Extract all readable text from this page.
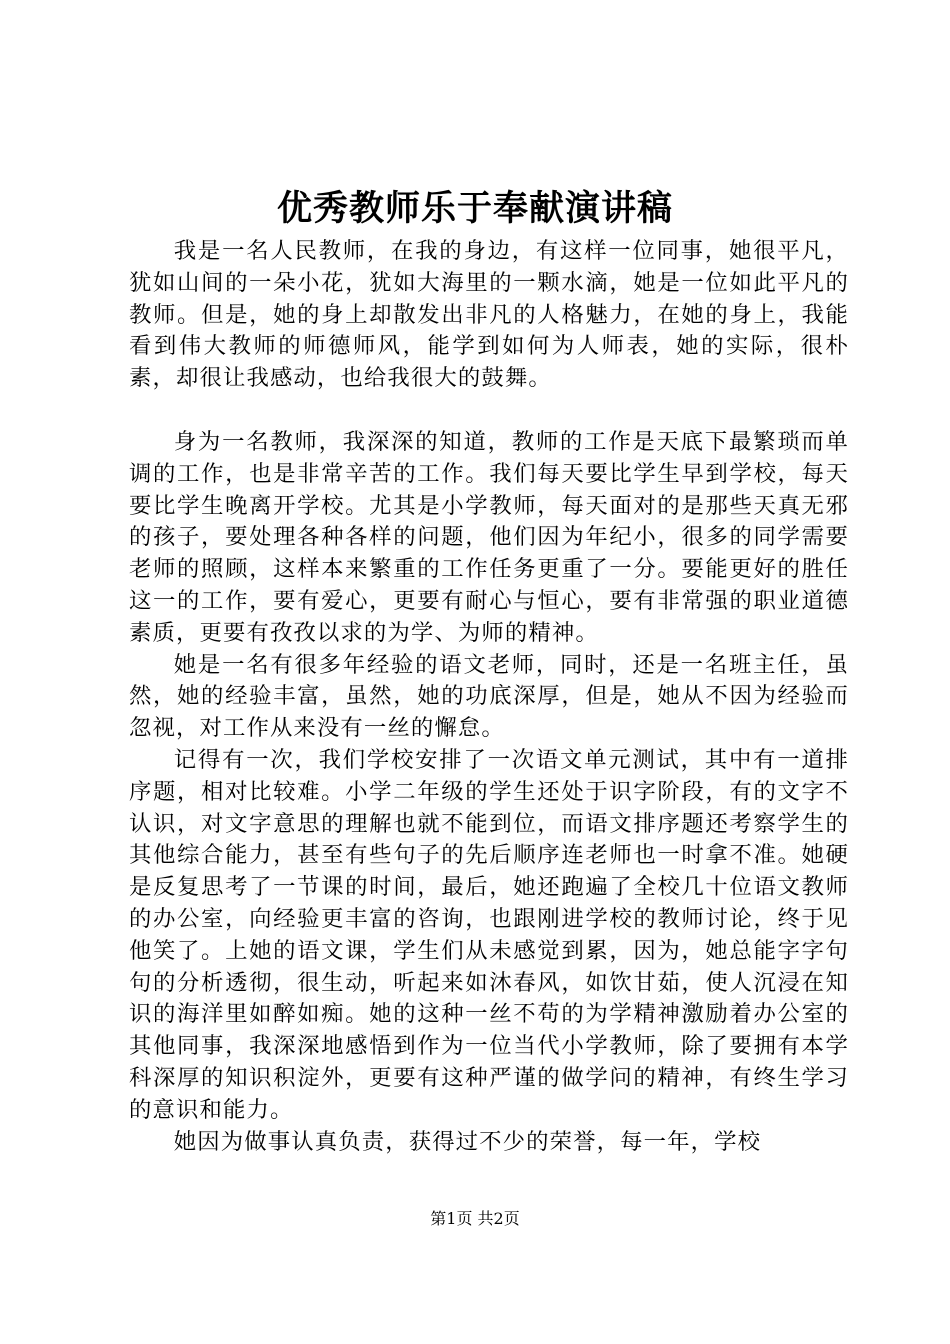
优秀教师乐于奉献演讲稿

我是一名人民教师，在我的身边，有这样一位同事，她很平凡，犹如山间的一朵小花，犹如大海里的一颗水滴，她是一位如此平凡的教师。但是，她的身上却散发出非凡的人格魅力，在她的身上，我能看到伟大教师的师德师风，能学到如何为人师表，她的实际，很朴素，却很让我感动，也给我很大的鼓舞。

身为一名教师，我深深的知道，教师的工作是天底下最繁琐而单调的工作，也是非常辛苦的工作。我们每天要比学生早到学校，每天要比学生晚离开学校。尤其是小学教师，每天面对的是那些天真无邪的孩子，要处理各种各样的问题，他们因为年纪小，很多的同学需要老师的照顾，这样本来繁重的工作任务更重了一分。要能更好的胜任这一的工作，要有爱心，更要有耐心与恒心，要有非常强的职业道德素质，更要有孜孜以求的为学、为师的精神。

她是一名有很多年经验的语文老师，同时，还是一名班主任，虽然，她的经验丰富，虽然，她的功底深厚，但是，她从不因为经验而忽视，对工作从来没有一丝的懈怠。

记得有一次，我们学校安排了一次语文单元测试，其中有一道排序题，相对比较难。小学二年级的学生还处于识字阶段，有的文字不认识，对文字意思的理解也就不能到位，而语文排序题还考察学生的其他综合能力，甚至有些句子的先后顺序连老师也一时拿不准。她硬是反复思考了一节课的时间，最后，她还跑遍了全校几十位语文教师的办公室，向经验更丰富的咨询，也跟刚进学校的教师讨论，终于见他笑了。上她的语文课，学生们从未感觉到累，因为，她总能字字句句的分析透彻，很生动，听起来如沐春风，如饮甘茹，使人沉浸在知识的海洋里如醉如痴。她的这种一丝不苟的为学精神激励着办公室的其他同事，我深深地感悟到作为一位当代小学教师，除了要拥有本学科深厚的知识积淀外，更要有这种严谨的做学问的精神，有终生学习的意识和能力。

她因为做事认真负责，获得过不少的荣誉，每一年，学校

第1页 共2页
